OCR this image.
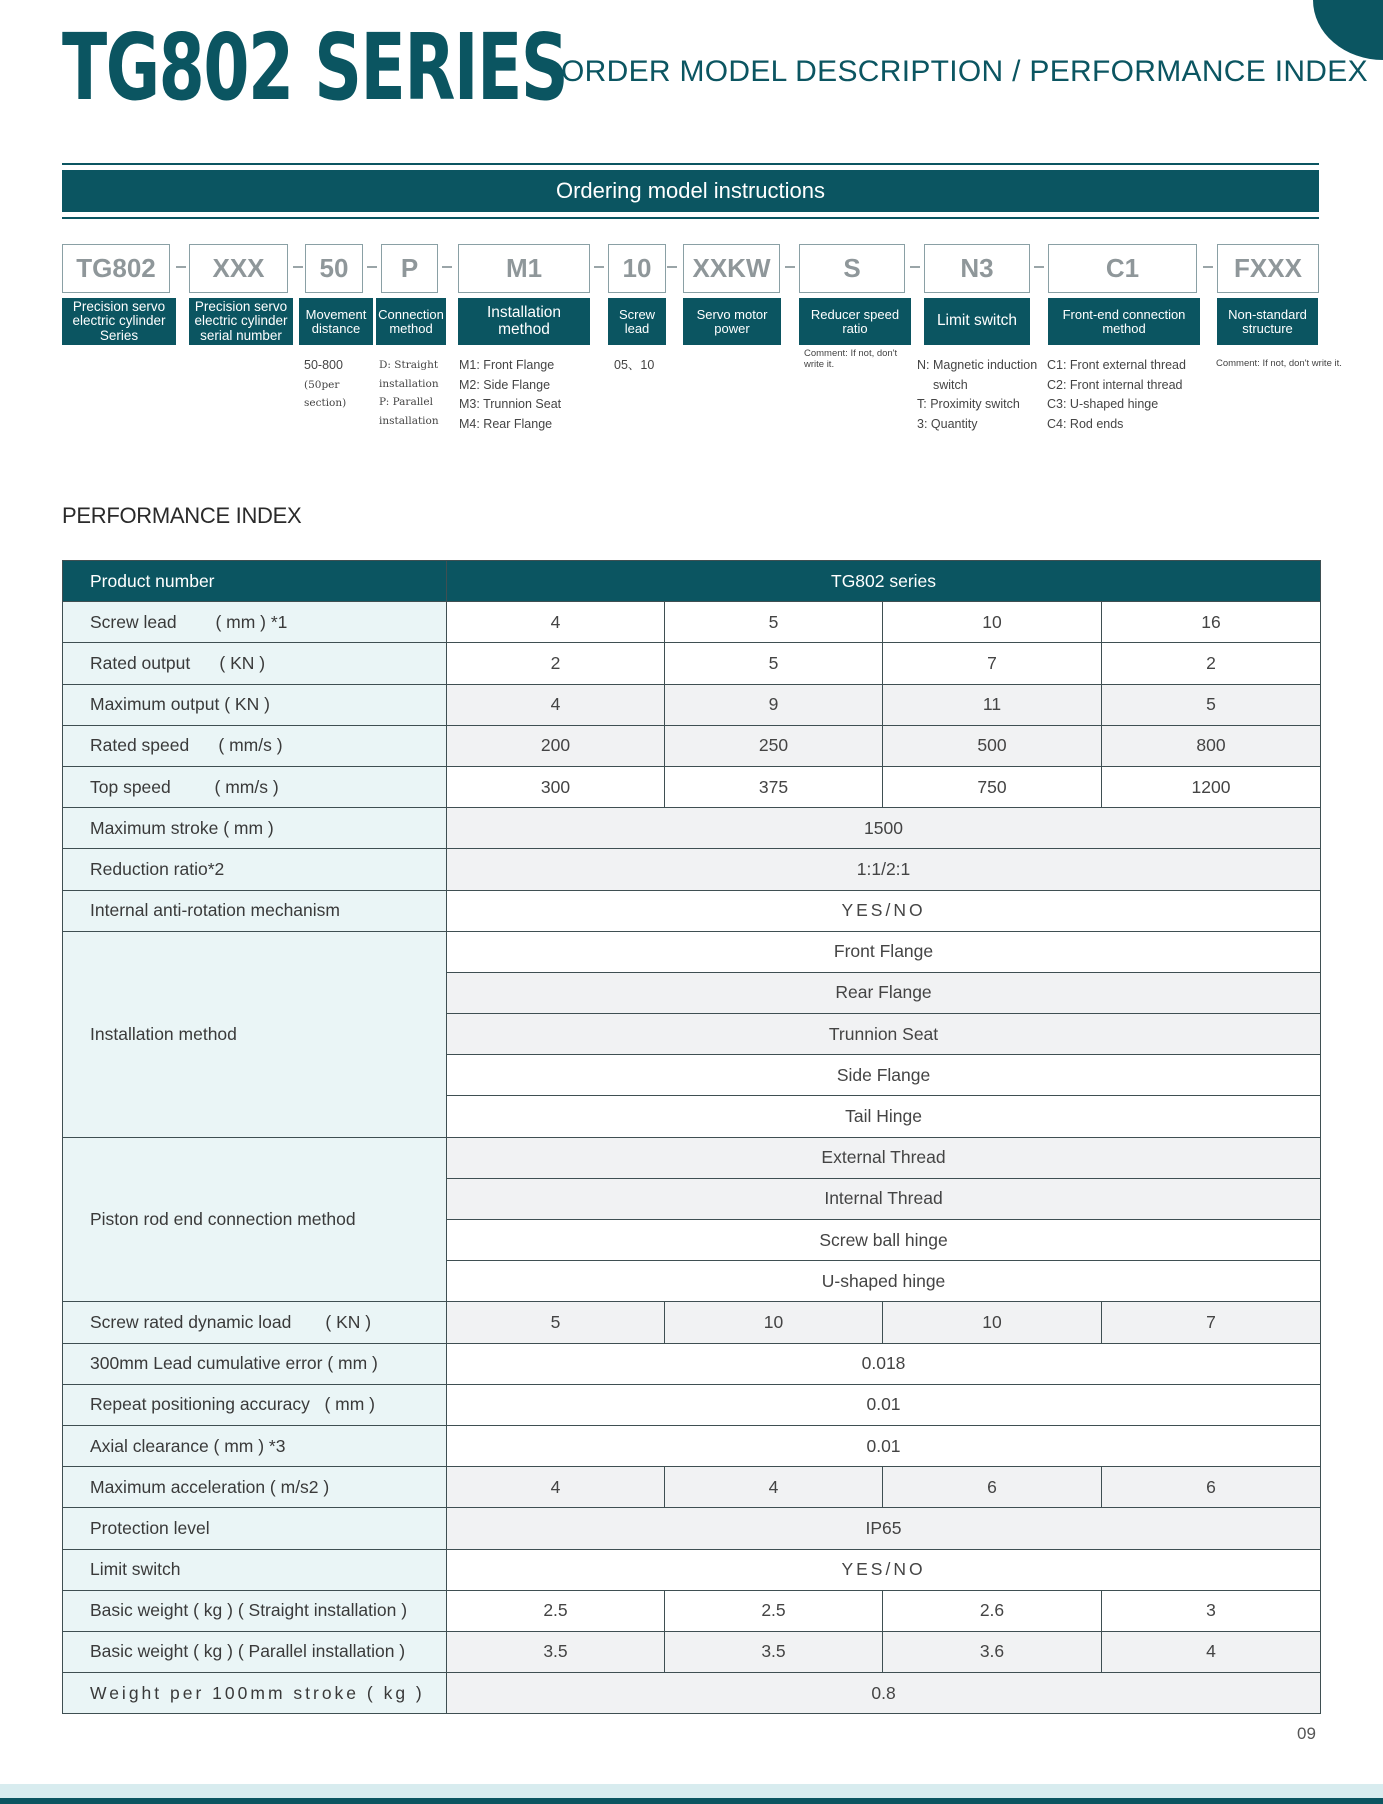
TG802 SERIES
ORDER MODEL DESCRIPTION / PERFORMANCE INDEX
Ordering model instructions
TG802	XXX	50	P	M1	10	XXKW	S	N3	C1	FXXX
Precision servo electric cylinder Series
Precision servo electric cylinder serial number
Movement distance
Connection method
Installation method
Screw lead
Servo motor power
Reducer speed ratio	Limit switch	Front-end connection method
Non-standard structure
50-800
(50per
section)
D: Straight
installation
P: Parallel
installation
M1: Front Flange
M2: Side Flange
M3: Trunnion Seat
M4: Rear Flange
05、10
Comment: If not, don't write it.	N: Magnetic induction
switch
T: Proximity switch
3: Quantity
C1: Front external thread
C2: Front internal thread
C3: U-shaped hinge
C4: Rod ends
Comment: If not, don't write it.
PERFORMANCE INDEX
Product number	TG802 series			
Screw lead        ( mm ) *1	4	5	10	16
Rated output      ( KN )	2	5	7	2
Maximum output ( KN )	4	9	11	5
Rated speed      ( mm/s )	200	250	500	800
Top speed         ( mm/s )	300	375	750	1200
Maximum stroke ( mm )	1500			
Reduction ratio*2	1:1/2:1			
Internal anti-rotation mechanism	YES/NO			
Installation method	Front Flange			
	Rear Flange			
	Trunnion Seat			
	Side Flange			
	Tail Hinge			
Piston rod end connection method	External Thread			
	Internal Thread			
	Screw ball hinge			
	U-shaped hinge			
Screw rated dynamic load       ( KN )	5	10	10	7
300mm Lead cumulative error ( mm )	0.018			
Repeat positioning accuracy   ( mm )	0.01			
Axial clearance ( mm ) *3	0.01			
Maximum acceleration ( m/s2 )	4	4	6	6
Protection level	IP65			
Limit switch	YES/NO			
Basic weight ( kg ) ( Straight installation )	2.5	2.5	2.6	3
Basic weight ( kg ) ( Parallel installation )	3.5	3.5	3.6	4
Weight per 100mm stroke ( kg )	0.8			
09
